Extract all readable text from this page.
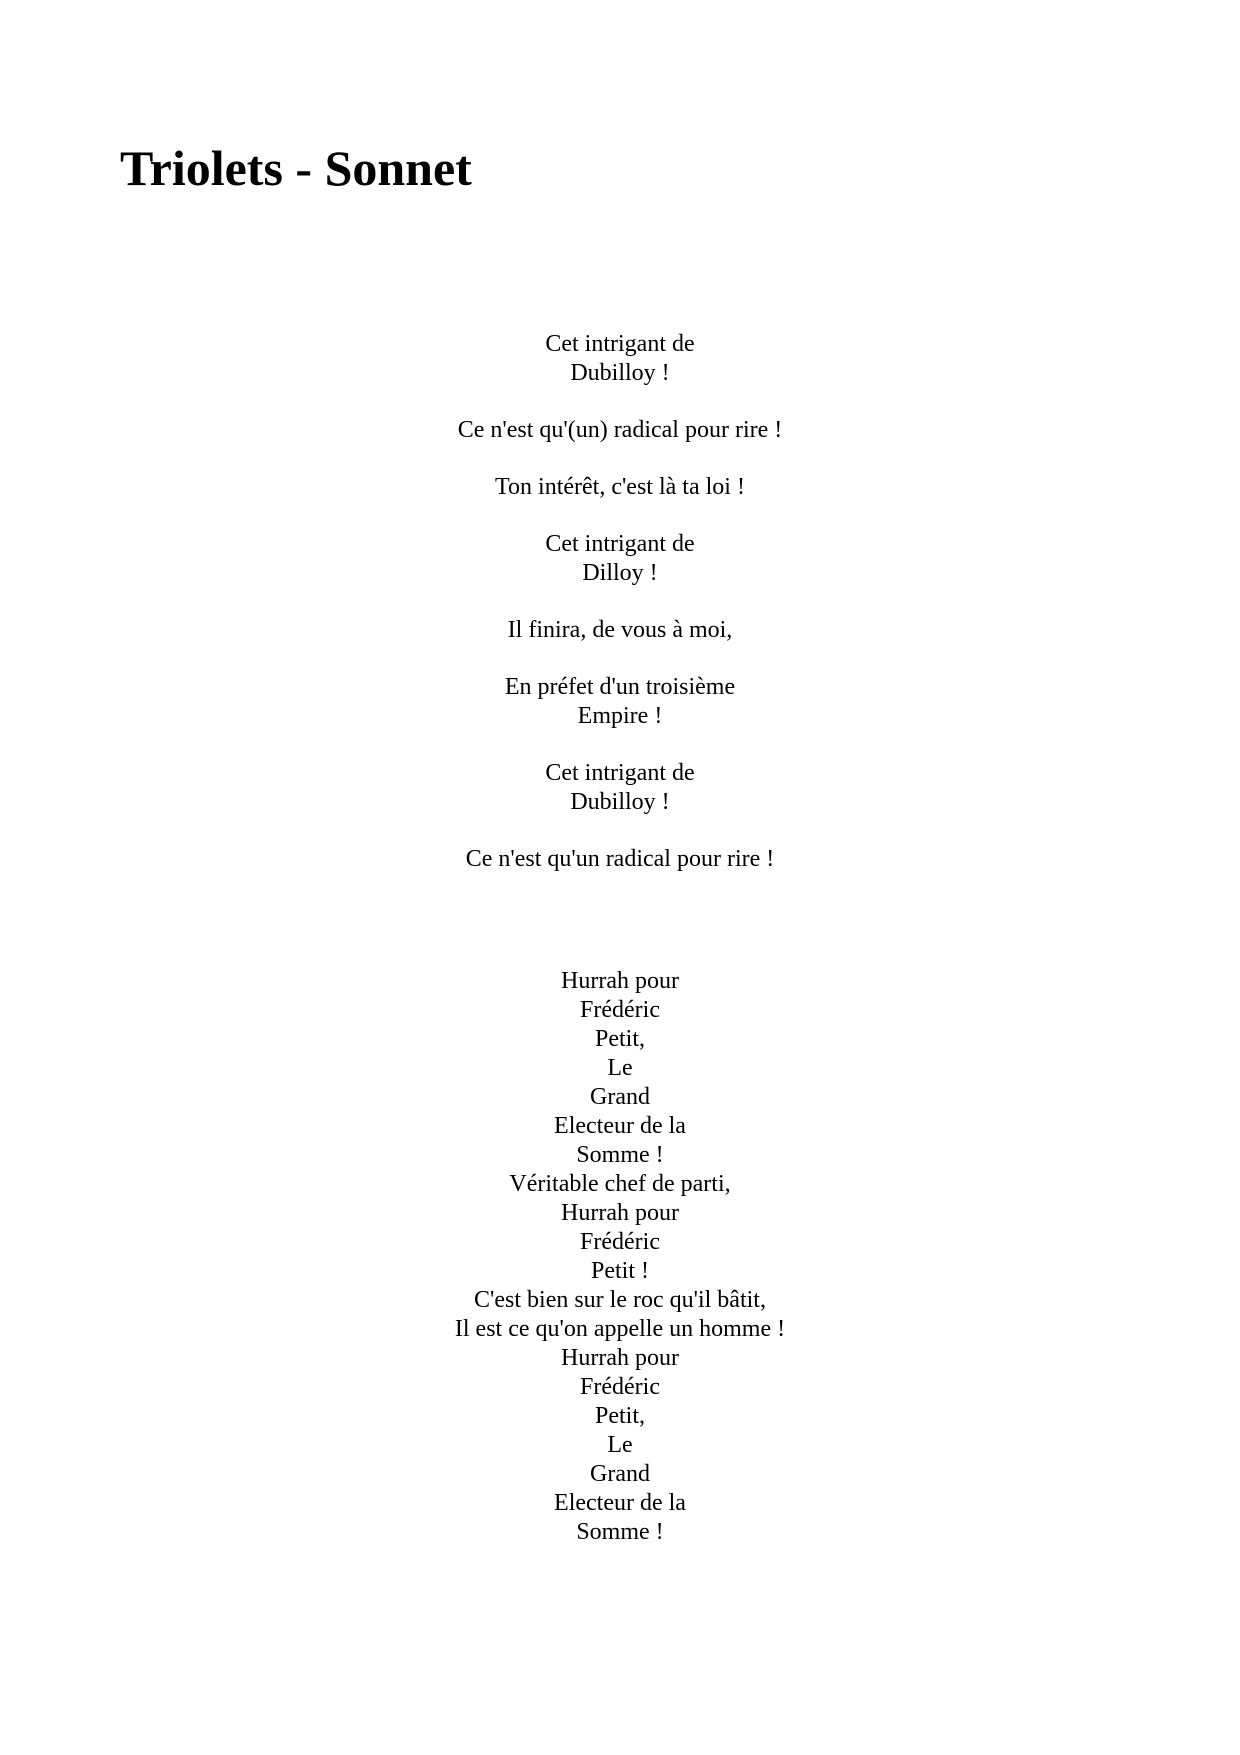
Triolets - Sonnet
Cet intrigant de
Dubilloy !
Ce n'est qu'(un) radical pour rire !
Ton intérêt, c'est là ta loi !
Cet intrigant de
Dilloy !
Il finira, de vous à moi,
En préfet d'un troisième
Empire !
Cet intrigant de
Dubilloy !
Ce n'est qu'un radical pour rire !
Hurrah pour
Frédéric
Petit,
Le
Grand
Electeur de la
Somme !
Véritable chef de parti,
Hurrah pour
Frédéric
Petit !
C'est bien sur le roc qu'il bâtit,
Il est ce qu'on appelle un homme !
Hurrah pour
Frédéric
Petit,
Le
Grand
Electeur de la
Somme !
